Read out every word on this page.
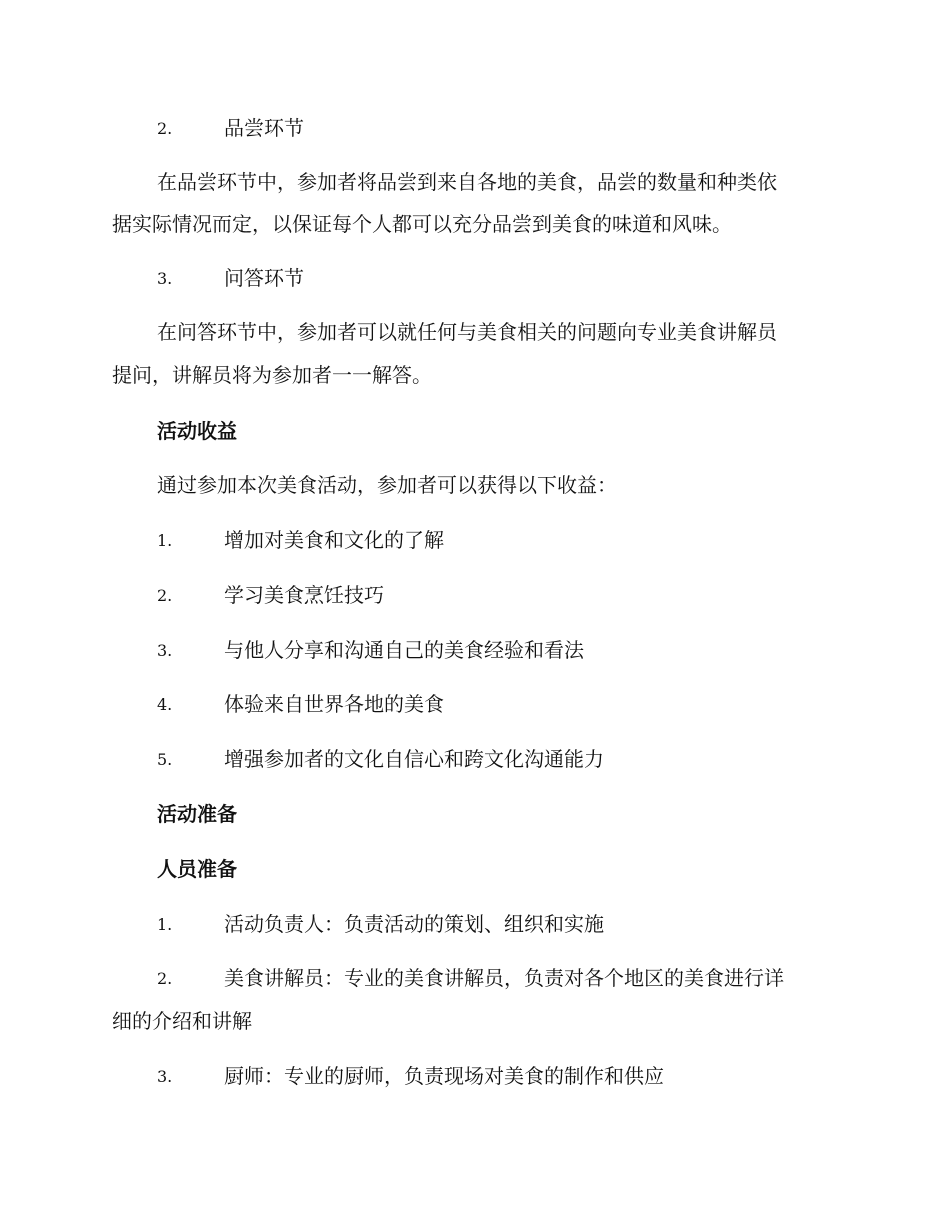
2.	品尝环节
在品尝环节中，参加者将品尝到来自各地的美食，品尝的数量和种类依
据实际情况而定，以保证每个人都可以充分品尝到美食的味道和风味。
3.	问答环节
在问答环节中，参加者可以就任何与美食相关的问题向专业美食讲解员
提问，讲解员将为参加者一一解答。
活动收益
通过参加本次美食活动，参加者可以获得以下收益：
1.	增加对美食和文化的了解
2.	学习美食烹饪技巧
3.	与他人分享和沟通自己的美食经验和看法
4.	体验来自世界各地的美食
5.	增强参加者的文化自信心和跨文化沟通能力
活动准备
人员准备
1.	活动负责人：负责活动的策划、组织和实施
2.	美食讲解员：专业的美食讲解员，负责对各个地区的美食进行详
细的介绍和讲解
3.	厨师：专业的厨师，负责现场对美食的制作和供应
